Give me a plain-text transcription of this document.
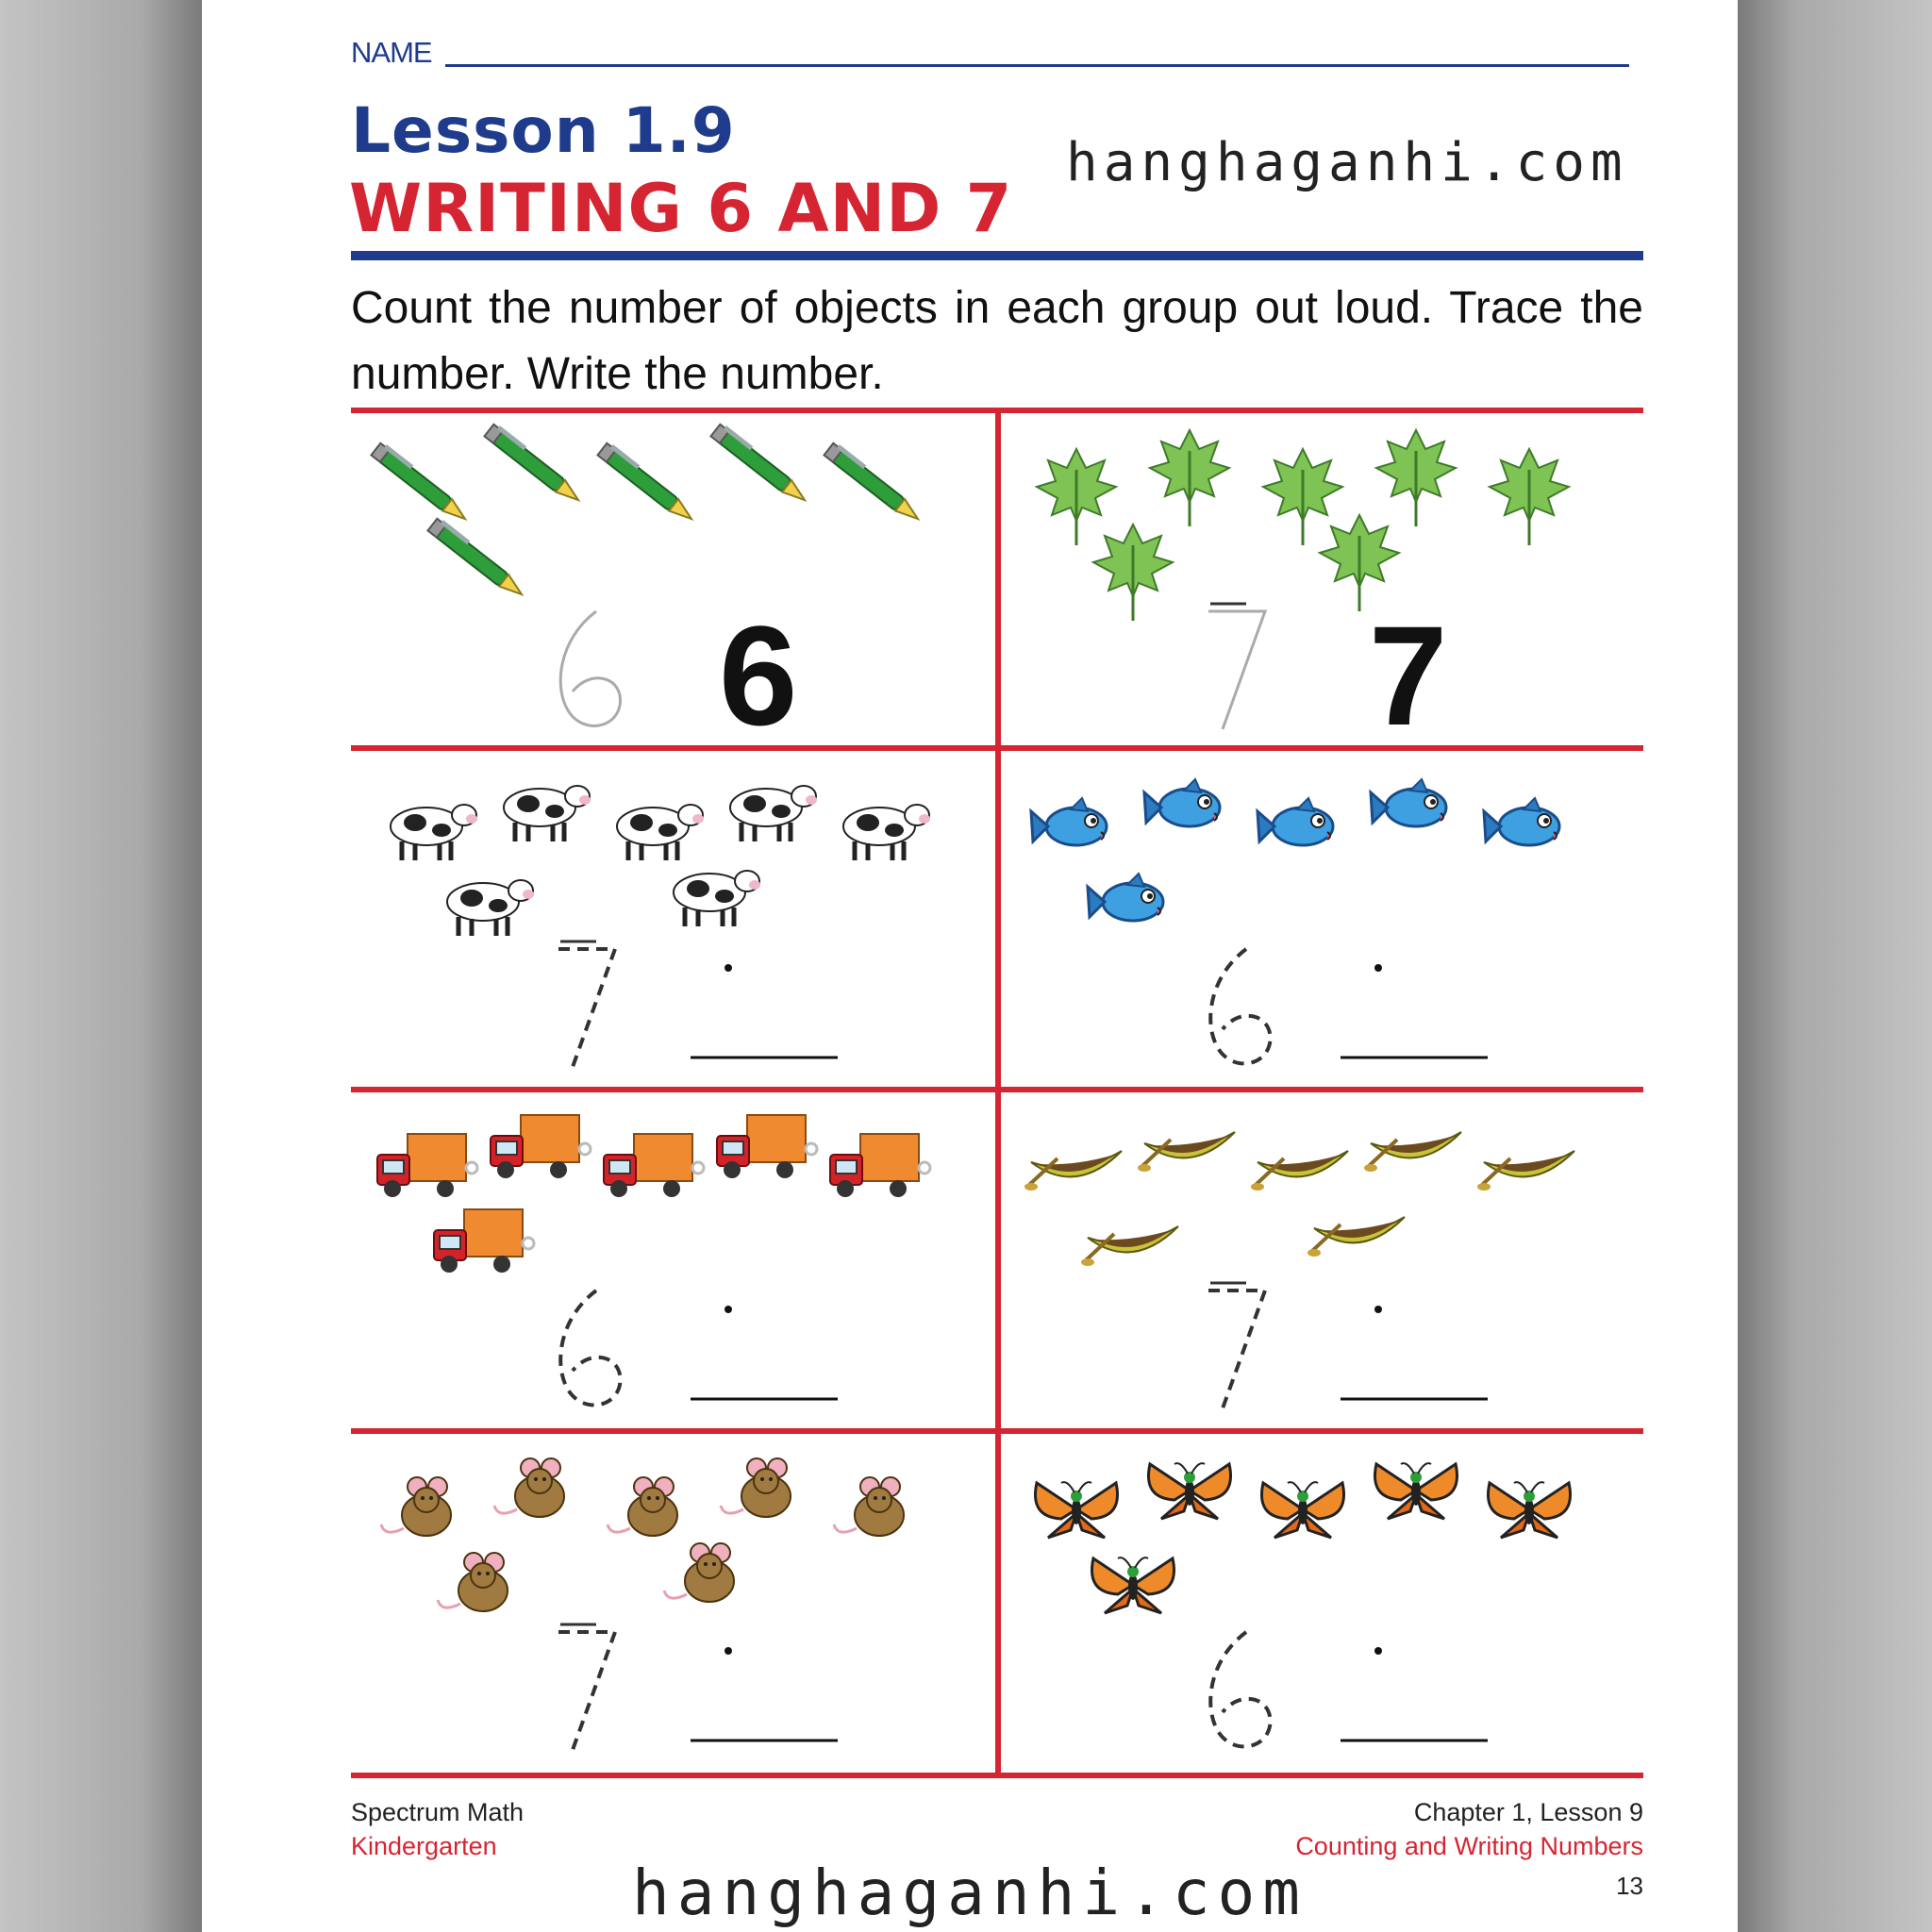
NAME
Lesson 1.9
WRITING 6 AND 7
hanghaganhi.com
Count the number of objects in each group out loud. Trace the number. Write the number.
6	7
Spectrum Math
Kindergarten
Chapter 1, Lesson 9
Counting and Writing Numbers
13
hanghaganhi.com
